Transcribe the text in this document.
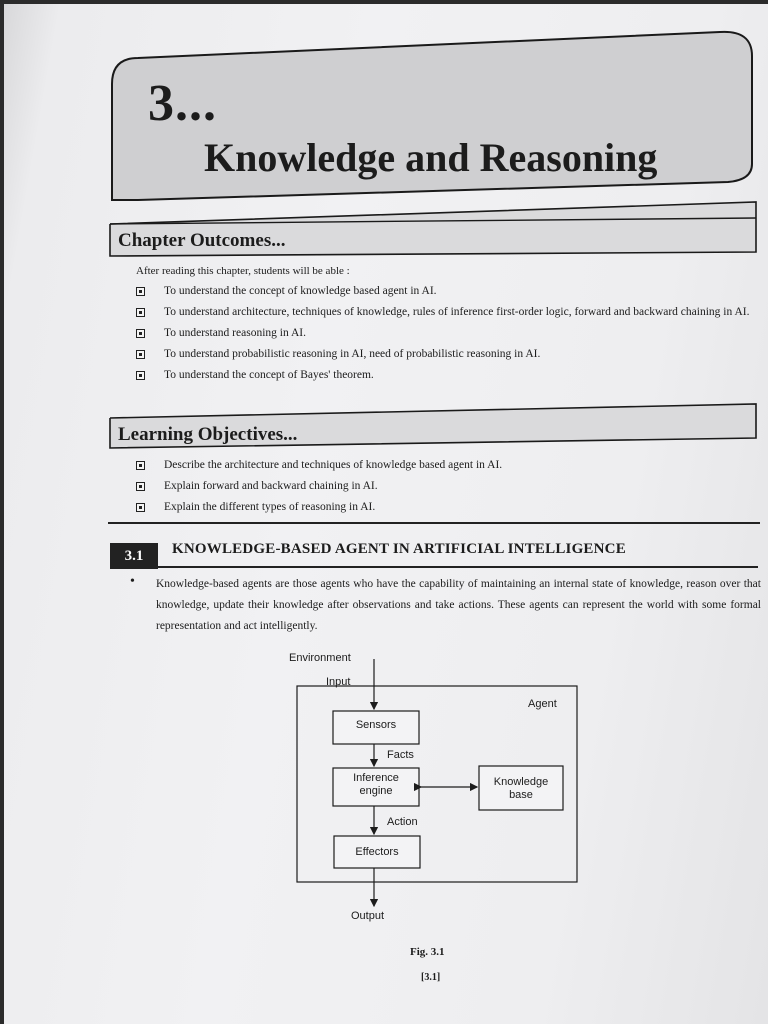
3...
Knowledge and Reasoning
Chapter Outcomes...
After reading this chapter, students will be able :
To understand the concept of knowledge based agent in AI.
To understand architecture, techniques of knowledge, rules of inference first-order logic, forward and backward chaining in AI.
To understand reasoning in AI.
To understand probabilistic reasoning in AI, need of probabilistic reasoning in AI.
To understand the concept of Bayes' theorem.
Learning Objectives...
Describe the architecture and techniques of knowledge based agent in AI.
Explain forward and backward chaining in AI.
Explain the different types of reasoning in AI.
3.1	KNOWLEDGE-BASED AGENT IN ARTIFICIAL INTELLIGENCE
• Knowledge-based agents are those agents who have the capability of maintaining an internal state of knowledge, reason over that knowledge, update their knowledge after observations and take actions. These agents can represent the world with some formal representation and act intelligently.
Environment
Input
Agent
Sensors
Facts
Inference
engine
Knowledge
base
Action
Effectors
Output
Fig. 3.1
[3.1]
